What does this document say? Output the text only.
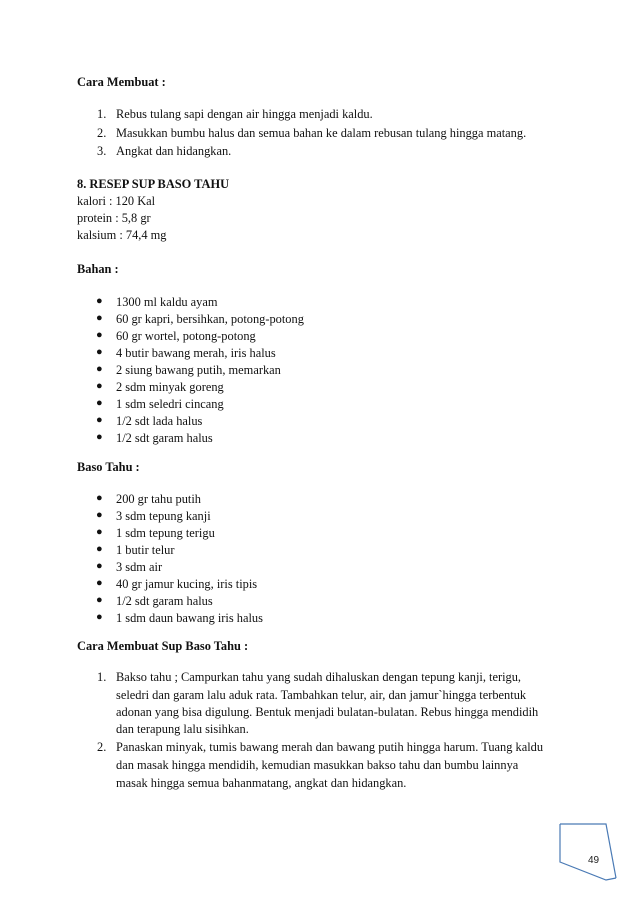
Cara Membuat :
1. Rebus tulang sapi dengan air hingga menjadi kaldu.
2. Masukkan bumbu halus dan semua bahan ke dalam rebusan tulang hingga matang.
3. Angkat dan hidangkan.
8. RESEP SUP BASO TAHU
kalori : 120 Kal
protein : 5,8 gr
kalsium : 74,4 mg
Bahan :
● 1300 ml kaldu ayam
● 60 gr kapri, bersihkan, potong-potong
● 60 gr wortel, potong-potong
● 4 butir bawang merah, iris halus
● 2 siung bawang putih, memarkan
● 2 sdm minyak goreng
● 1 sdm seledri cincang
● 1/2 sdt lada halus
● 1/2 sdt garam halus
Baso Tahu :
● 200 gr tahu putih
● 3 sdm tepung kanji
● 1 sdm tepung terigu
● 1 butir telur
● 3 sdm air
● 40 gr jamur kucing, iris tipis
● 1/2 sdt garam halus
● 1 sdm daun bawang iris halus
Cara Membuat Sup Baso Tahu :
1. Bakso tahu ; Campurkan tahu yang sudah dihaluskan dengan tepung kanji, terigu,
seledri dan garam lalu aduk rata. Tambahkan telur, air, dan jamur`hingga terbentuk
adonan yang bisa digulung. Bentuk menjadi bulatan-bulatan. Rebus hingga mendidih
dan terapung lalu sisihkan.
2. Panaskan minyak, tumis bawang merah dan bawang putih hingga harum. Tuang kaldu
dan masak hingga mendidih, kemudian masukkan bakso tahu dan bumbu lainnya
masak hingga semua bahanmatang, angkat dan hidangkan.
49
